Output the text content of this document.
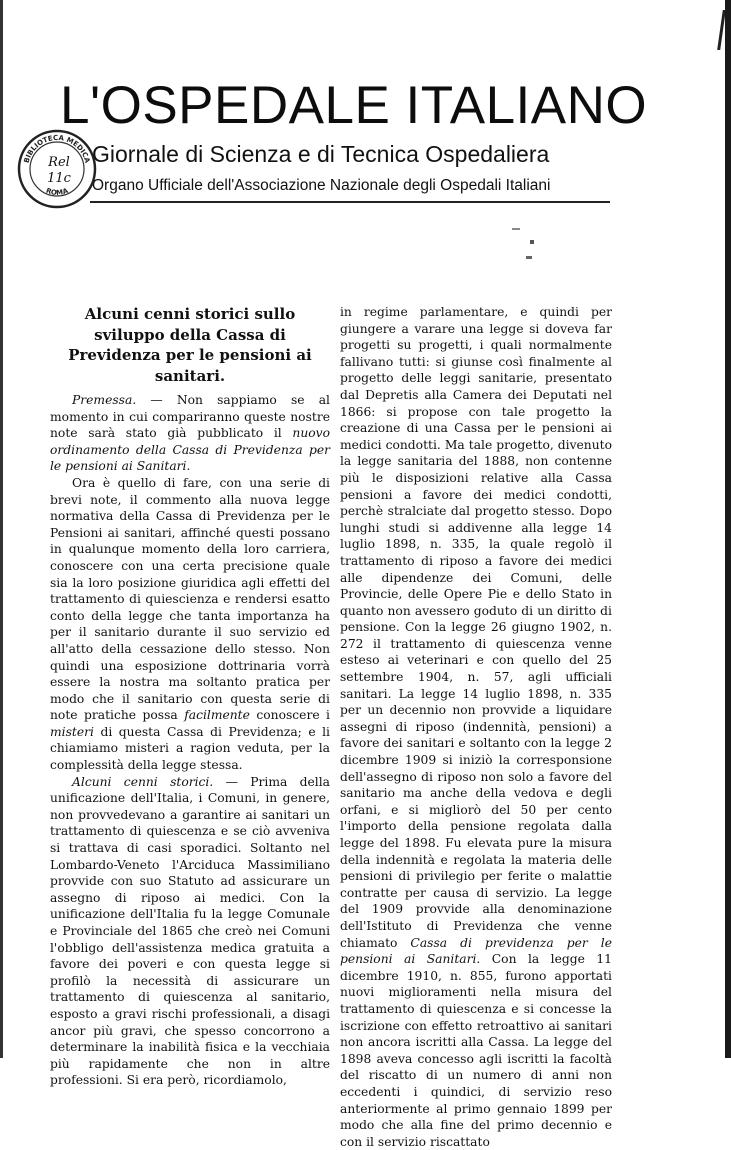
L'OSPEDALE ITALIANO
Giornale di Scienza e di Tecnica Ospedaliera
Organo Ufficiale dell'Associazione Nazionale degli Ospedali Italiani
BIBLIOTECA MEDICA
ROMA
Rel
11c
Alcuni cenni storici sullo sviluppo della Cassa di Previdenza per le pensioni ai sanitari.

Premessa. — Non sappiamo se al momento in cui compariranno queste nostre note sarà stato già pubblicato il nuovo ordinamento della Cassa di Previdenza per le pensioni ai Sanitari.

Ora è quello di fare, con una serie di brevi note, il commento alla nuova legge normativa della Cassa di Previdenza per le Pensioni ai sanitari, affinché questi possano in qualunque momento della loro carriera, conoscere con una certa precisione quale sia la loro posizione giuridica agli effetti del trattamento di quiescienza e rendersi esatto conto della legge che tanta importanza ha per il sanitario durante il suo servizio ed all'atto della cessazione dello stesso. Non quindi una esposizione dottrinaria vorrà essere la nostra ma soltanto pratica per modo che il sanitario con questa serie di note pratiche possa facilmente conoscere i misteri di questa Cassa di Previdenza; e li chiamiamo misteri a ragion veduta, per la complessità della legge stessa.

Alcuni cenni storici. — Prima della unificazione dell'Italia, i Comuni, in genere, non provvedevano a garantire ai sanitari un trattamento di quiescenza e se ciò avveniva si trattava di casi sporadici. Soltanto nel Lombardo-Veneto l'Arciduca Massimiliano provvide con suo Statuto ad assicurare un assegno di riposo ai medici. Con la unificazione dell'Italia fu la legge Comunale e Provinciale del 1865 che creò nei Comuni l'obbligo dell'assistenza medica gratuita a favore dei poveri e con questa legge si profilò la necessità di assicurare un trattamento di quiescenza al sanitario, esposto a gravi rischi professionali, a disagi ancor più gravi, che spesso concorrono a determinare la inabilità fisica e la vecchiaia più rapidamente che non in altre professioni. Si era però, ricordiamolo,

in regime parlamentare, e quindi per giungere a varare una legge si doveva far progetti su progetti, i quali normalmente fallivano tutti: si giunse così finalmente al progetto delle leggi sanitarie, presentato dal Depretis alla Camera dei Deputati nel 1866: si propose con tale progetto la creazione di una Cassa per le pensioni ai medici condotti. Ma tale progetto, divenuto la legge sanitaria del 1888, non contenne più le disposizioni relative alla Cassa pensioni a favore dei medici condotti, perchè stralciate dal progetto stesso. Dopo lunghi studi si addivenne alla legge 14 luglio 1898, n. 335, la quale regolò il trattamento di riposo a favore dei medici alle dipendenze dei Comuni, delle Provincie, delle Opere Pie e dello Stato in quanto non avessero goduto di un diritto di pensione. Con la legge 26 giugno 1902, n. 272 il trattamento di quiescenza venne esteso ai veterinari e con quello del 25 settembre 1904, n. 57, agli ufficiali sanitari. La legge 14 luglio 1898, n. 335 per un decennio non provvide a liquidare assegni di riposo (indennità, pensioni) a favore dei sanitari e soltanto con la legge 2 dicembre 1909 si iniziò la corresponsione dell'assegno di riposo non solo a favore del sanitario ma anche della vedova e degli orfani, e si migliorò del 50 per cento l'importo della pensione regolata dalla legge del 1898. Fu elevata pure la misura della indennità e regolata la materia delle pensioni di privilegio per ferite o malattie contratte per causa di servizio. La legge del 1909 provvide alla denominazione dell'Istituto di Previdenza che venne chiamato Cassa di previdenza per le pensioni ai Sanitari. Con la legge 11 dicembre 1910, n. 855, furono apportati nuovi miglioramenti nella misura del trattamento di quiescenza e si concesse la iscrizione con effetto retroattivo ai sanitari non ancora iscritti alla Cassa. La legge del 1898 aveva concesso agli iscritti la facoltà del riscatto di un numero di anni non eccedenti i quindici, di servizio reso anteriormente al primo gennaio 1899 per modo che alla fine del primo decennio e con il servizio riscattato
